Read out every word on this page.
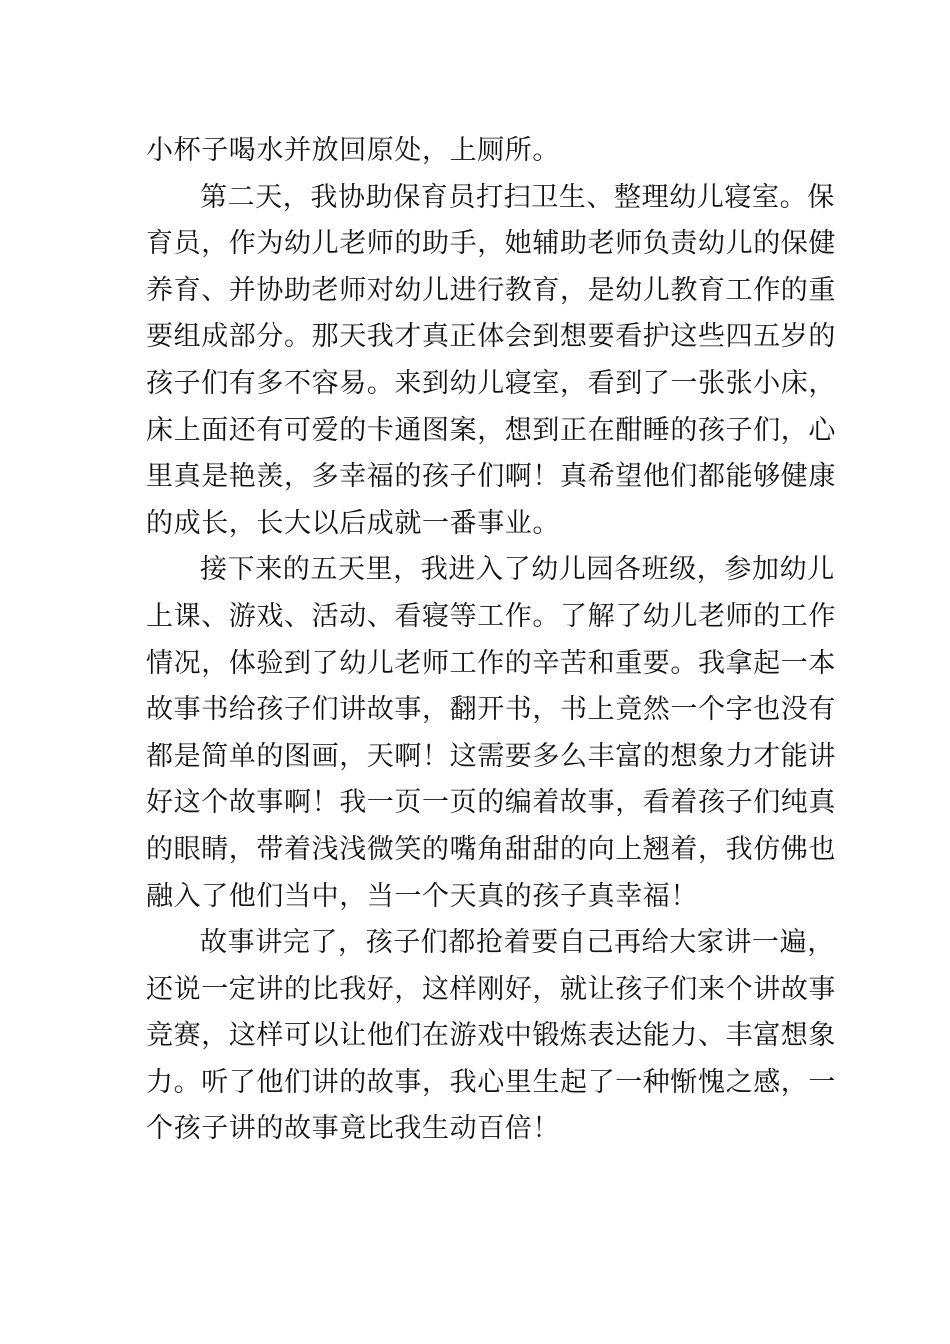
小杯子喝水并放回原处，上厕所。
第二天，我协助保育员打扫卫生、整理幼儿寝室。保
育员，作为幼儿老师的助手，她辅助老师负责幼儿的保健
养育、并协助老师对幼儿进行教育，是幼儿教育工作的重
要组成部分。那天我才真正体会到想要看护这些四五岁的
孩子们有多不容易。来到幼儿寝室，看到了一张张小床，
床上面还有可爱的卡通图案，想到正在酣睡的孩子们，心
里真是艳羡，多幸福的孩子们啊！真希望他们都能够健康
的成长，长大以后成就一番事业。
接下来的五天里，我进入了幼儿园各班级，参加幼儿
上课、游戏、活动、看寝等工作。了解了幼儿老师的工作
情况，体验到了幼儿老师工作的辛苦和重要。我拿起一本
故事书给孩子们讲故事，翻开书，书上竟然一个字也没有
都是简单的图画，天啊！这需要多么丰富的想象力才能讲
好这个故事啊！我一页一页的编着故事，看着孩子们纯真
的眼睛，带着浅浅微笑的嘴角甜甜的向上翘着，我仿佛也
融入了他们当中，当一个天真的孩子真幸福！
故事讲完了，孩子们都抢着要自己再给大家讲一遍，
还说一定讲的比我好，这样刚好，就让孩子们来个讲故事
竞赛，这样可以让他们在游戏中锻炼表达能力、丰富想象
力。听了他们讲的故事，我心里生起了一种惭愧之感，一
个孩子讲的故事竟比我生动百倍！
